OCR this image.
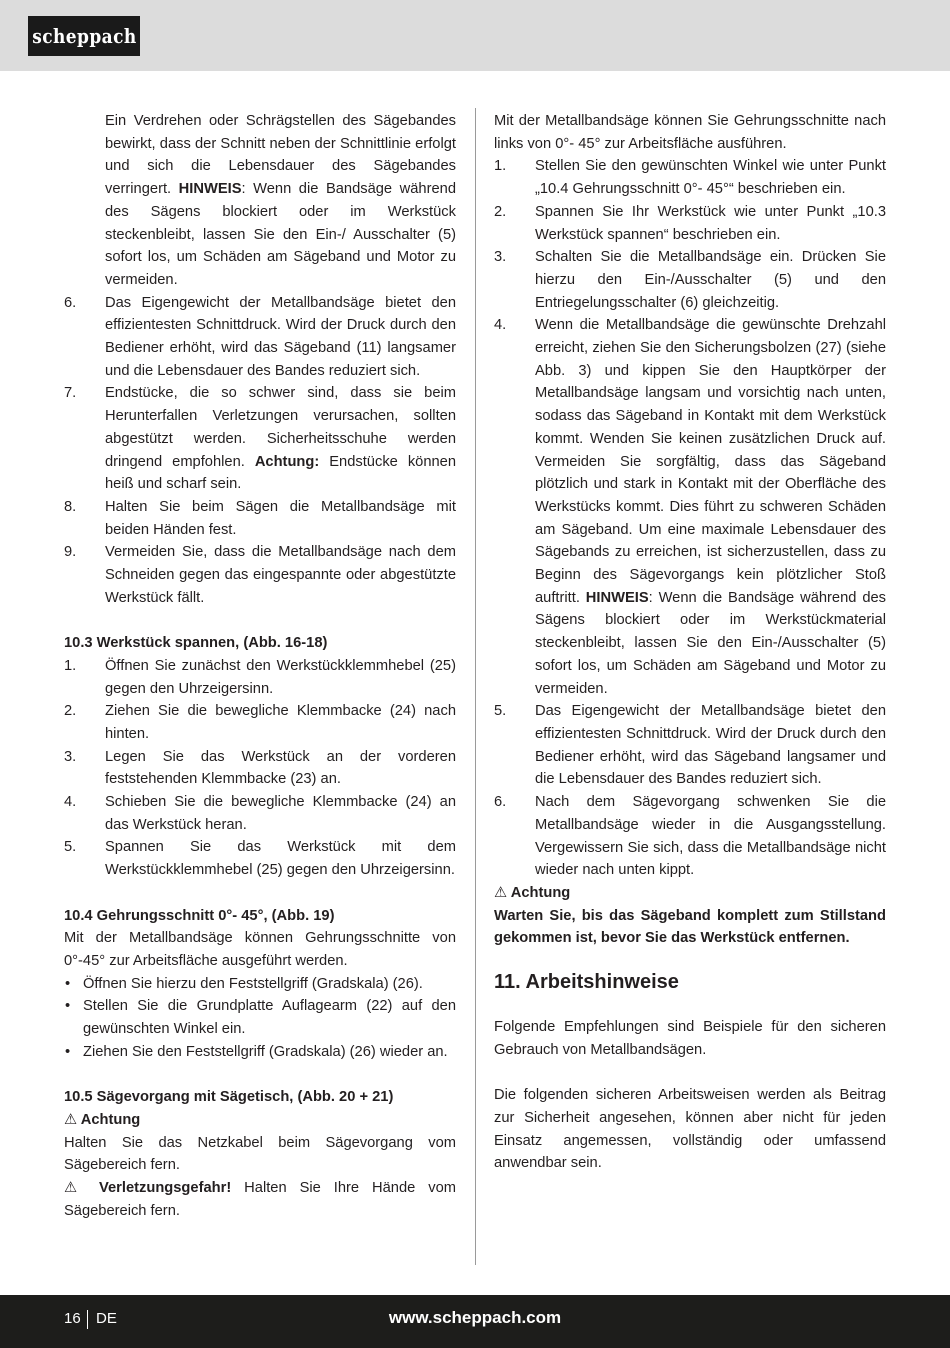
scheppach

Ein Verdrehen oder Schrägstellen des Sägebandes bewirkt, dass der Schnitt neben der Schnittlinie erfolgt und sich die Lebensdauer des Sägebandes verringert. HINWEIS: Wenn die Bandsäge während des Sägens blockiert oder im Werkstück steckenbleibt, lassen Sie den Ein-/ Ausschalter (5) sofort los, um Schäden am Sägeband und Motor zu vermeiden.

6. Das Eigengewicht der Metallbandsäge bietet den effizientesten Schnittdruck. Wird der Druck durch den Bediener erhöht, wird das Sägeband (11) langsamer und die Lebensdauer des Bandes reduziert sich.

7. Endstücke, die so schwer sind, dass sie beim Herunterfallen Verletzungen verursachen, sollten abgestützt werden. Sicherheitsschuhe werden dringend empfohlen. Achtung: Endstücke können heiß und scharf sein.

8. Halten Sie beim Sägen die Metallbandsäge mit beiden Händen fest.

9. Vermeiden Sie, dass die Metallbandsäge nach dem Schneiden gegen das eingespannte oder abgestützte Werkstück fällt.

10.3 Werkstück spannen, (Abb. 16-18)

1. Öffnen Sie zunächst den Werkstückklemmhebel (25) gegen den Uhrzeigersinn.

2. Ziehen Sie die bewegliche Klemmbacke (24) nach hinten.

3. Legen Sie das Werkstück an der vorderen feststehenden Klemmbacke (23) an.

4. Schieben Sie die bewegliche Klemmbacke (24) an das Werkstück heran.

5. Spannen Sie das Werkstück mit dem Werkstückklemmhebel (25) gegen den Uhrzeigersinn.

10.4 Gehrungsschnitt 0°- 45°, (Abb. 19)

Mit der Metallbandsäge können Gehrungsschnitte von 0°-45° zur Arbeitsfläche ausgeführt werden.

• Öffnen Sie hierzu den Feststellgriff (Gradskala) (26).

• Stellen Sie die Grundplatte Auflagearm (22) auf den gewünschten Winkel ein.

• Ziehen Sie den Feststellgriff (Gradskala) (26) wieder an.

10.5 Sägevorgang mit Sägetisch, (Abb. 20 + 21)

⚠ Achtung

Halten Sie das Netzkabel beim Sägevorgang vom Sägebereich fern.

⚠ Verletzungsgefahr! Halten Sie Ihre Hände vom Sägebereich fern.

Mit der Metallbandsäge können Sie Gehrungsschnitte nach links von 0°- 45° zur Arbeitsfläche ausführen.

1. Stellen Sie den gewünschten Winkel wie unter Punkt „10.4 Gehrungsschnitt 0°- 45°“ beschrieben ein.

2. Spannen Sie Ihr Werkstück wie unter Punkt „10.3 Werkstück spannen“ beschrieben ein.

3. Schalten Sie die Metallbandsäge ein. Drücken Sie hierzu den Ein-/Ausschalter (5) und den Entriegelungsschalter (6) gleichzeitig.

4. Wenn die Metallbandsäge die gewünschte Drehzahl erreicht, ziehen Sie den Sicherungsbolzen (27) (siehe Abb. 3) und kippen Sie den Hauptkörper der Metallbandsäge langsam und vorsichtig nach unten, sodass das Sägeband in Kontakt mit dem Werkstück kommt. Wenden Sie keinen zusätzlichen Druck auf. Vermeiden Sie sorgfältig, dass das Sägeband plötzlich und stark in Kontakt mit der Oberfläche des Werkstücks kommt. Dies führt zu schweren Schäden am Sägeband. Um eine maximale Lebensdauer des Sägebands zu erreichen, ist sicherzustellen, dass zu Beginn des Sägevorgangs kein plötzlicher Stoß auftritt. HINWEIS: Wenn die Bandsäge während des Sägens blockiert oder im Werkstückmaterial steckenbleibt, lassen Sie den Ein-/Ausschalter (5) sofort los, um Schäden am Sägeband und Motor zu vermeiden.

5. Das Eigengewicht der Metallbandsäge bietet den effizientesten Schnittdruck. Wird der Druck durch den Bediener erhöht, wird das Sägeband langsamer und die Lebensdauer des Bandes reduziert sich.

6. Nach dem Sägevorgang schwenken Sie die Metallbandsäge wieder in die Ausgangsstellung. Vergewissern Sie sich, dass die Metallbandsäge nicht wieder nach unten kippt.

⚠ Achtung

Warten Sie, bis das Sägeband komplett zum Stillstand gekommen ist, bevor Sie das Werkstück entfernen.

11. Arbeitshinweise

Folgende Empfehlungen sind Beispiele für den sicheren Gebrauch von Metallbandsägen.

Die folgenden sicheren Arbeitsweisen werden als Beitrag zur Sicherheit angesehen, können aber nicht für jeden Einsatz angemessen, vollständig oder umfassend anwendbar sein.

16 DE	www.scheppach.com
